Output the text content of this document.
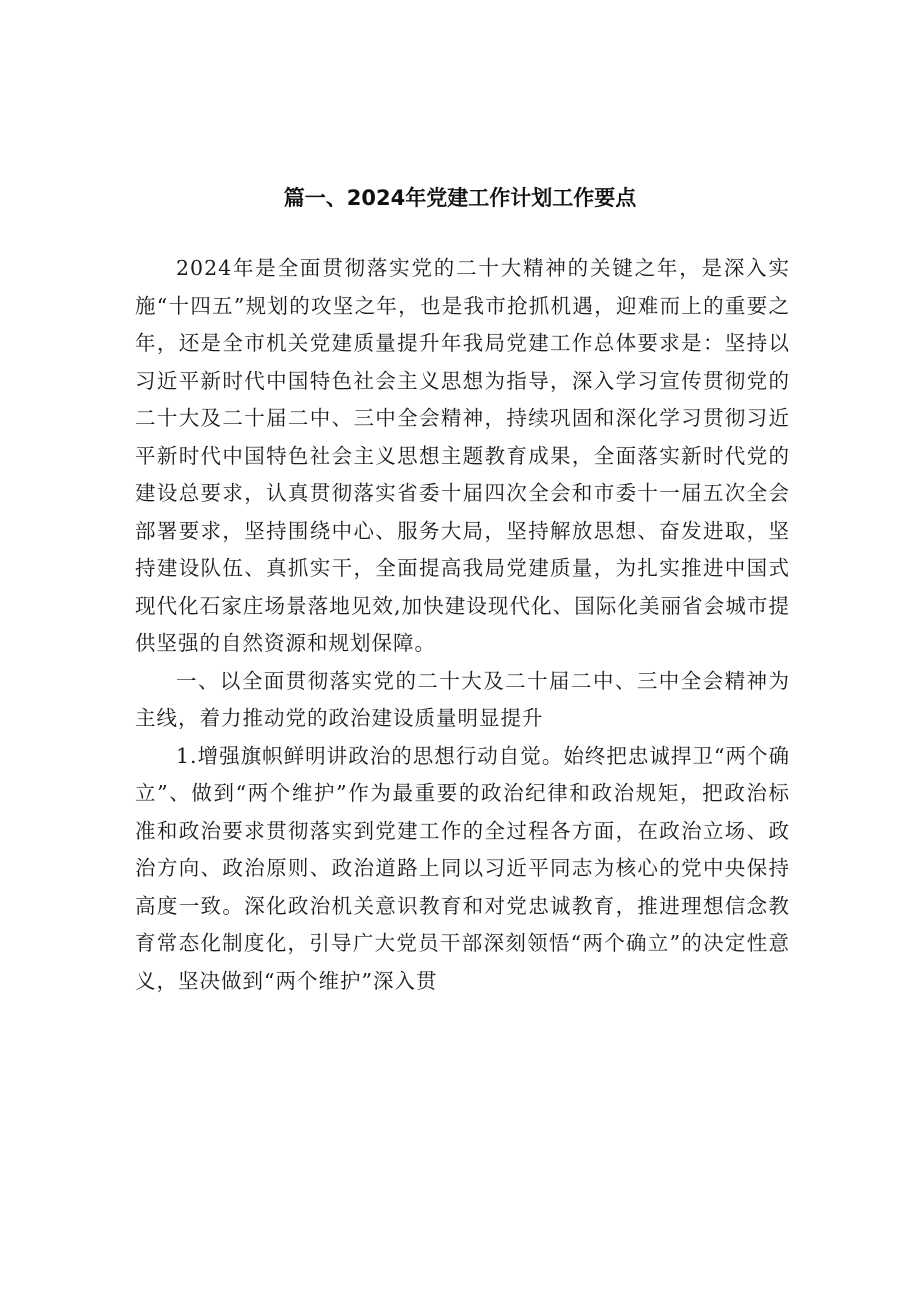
篇一、2024年党建工作计划工作要点

2024年是全面贯彻落实党的二十大精神的关键之年，是深入实施“十四五”规划的攻坚之年，也是我市抢抓机遇，迎难而上的重要之年，还是全市机关党建质量提升年我局党建工作总体要求是：坚持以习近平新时代中国特色社会主义思想为指导，深入学习宣传贯彻党的二十大及二十届二中、三中全会精神，持续巩固和深化学习贯彻习近平新时代中国特色社会主义思想主题教育成果，全面落实新时代党的建设总要求，认真贯彻落实省委十届四次全会和市委十一届五次全会部署要求，坚持围绕中心、服务大局，坚持解放思想、奋发进取，坚持建设队伍、真抓实干，全面提高我局党建质量，为扎实推进中国式现代化石家庄场景落地见效,加快建设现代化、国际化美丽省会城市提供坚强的自然资源和规划保障。

一、以全面贯彻落实党的二十大及二十届二中、三中全会精神为主线，着力推动党的政治建设质量明显提升

1.增强旗帜鲜明讲政治的思想行动自觉。始终把忠诚捍卫“两个确立”、做到“两个维护”作为最重要的政治纪律和政治规矩，把政治标准和政治要求贯彻落实到党建工作的全过程各方面，在政治立场、政治方向、政治原则、政治道路上同以习近平同志为核心的党中央保持高度一致。深化政治机关意识教育和对党忠诚教育，推进理想信念教育常态化制度化，引导广大党员干部深刻领悟“两个确立”的决定性意义，坚决做到“两个维护”深入贯
